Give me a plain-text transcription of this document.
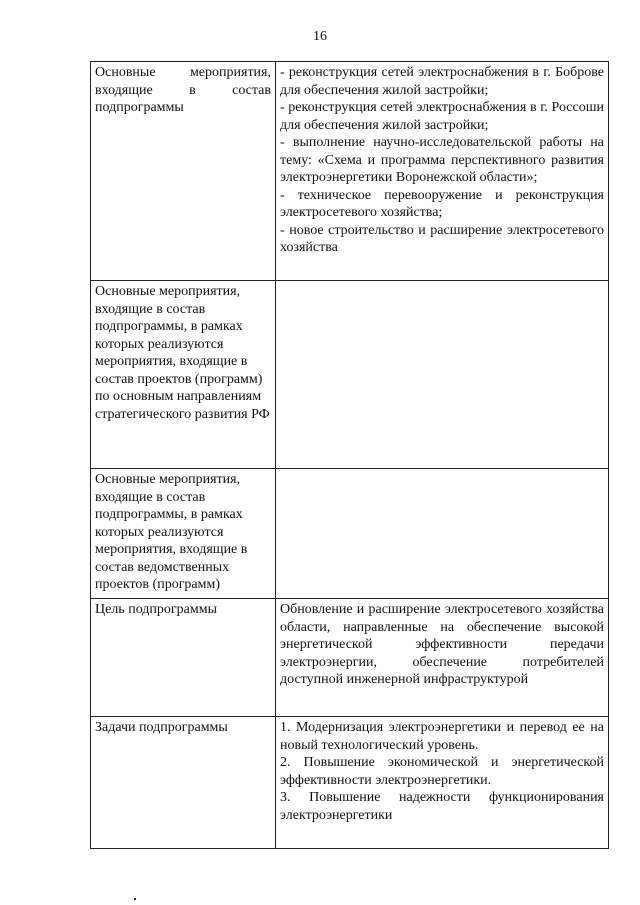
16
Основные мероприятия, входящие в состав подпрограммы	- реконструкция сетей электроснабжения в г. Боброве для обеспечения жилой застройки;

- реконструкция сетей электроснабжения в г. Россоши для обеспечения жилой застройки;

- выполнение научно-исследовательской работы на тему: «Схема и программа перспективного развития электроэнергетики Воронежской области»;

- техническое перевооружение и реконструкция электросетевого хозяйства;

- новое строительство и расширение электросетевого хозяйства

Основные мероприятия, входящие в состав подпрограммы, в рамках которых реализуются мероприятия, входящие в состав проектов (программ) по основным направлениям стратегического развития РФ	
Основные мероприятия, входящие в состав подпрограммы, в рамках которых реализуются мероприятия, входящие в состав ведомственных проектов (программ)	
Цель подпрограммы	Обновление и расширение электросетевого хозяйства области, направленные на обеспечение высокой энергетической эффективности передачи электроэнергии, обеспечение потребителей доступной инженерной инфраструктурой

Задачи подпрограммы	1. Модернизация электроэнергетики и перевод ее на новый технологический уровень.

2. Повышение экономической и энергетической эффективности электроэнергетики.

3. Повышение надежности функционирования электроэнергетики
